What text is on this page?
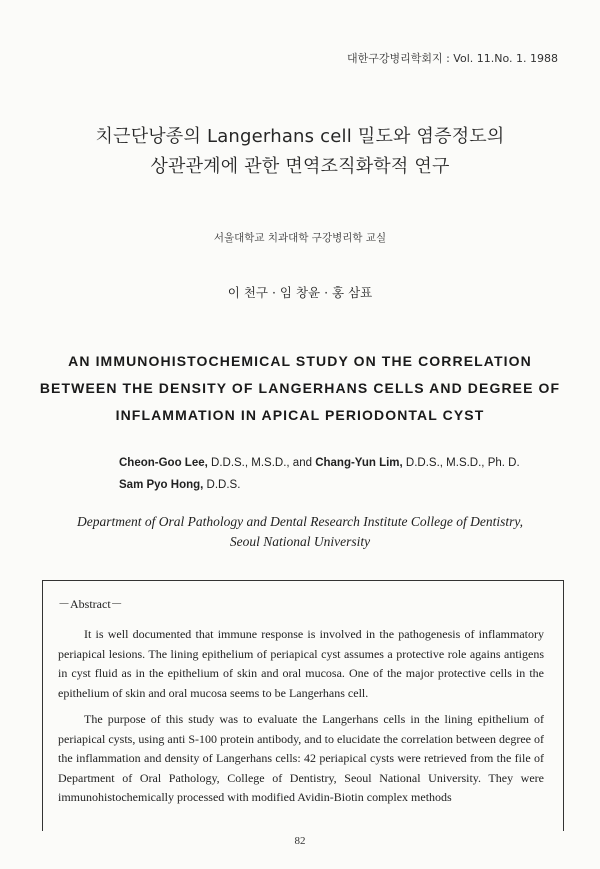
대한구강병리학회지 : Vol. 11.No. 1. 1988
치근단낭종의 Langerhans cell 밀도와 염증정도의
상관관계에 관한 면역조직화학적 연구
서울대학교 치과대학 구강병리학 교실
이 천구 · 임 창윤 · 홍 삼표
AN IMMUNOHISTOCHEMICAL STUDY ON THE CORRELATION
BETWEEN THE DENSITY OF LANGERHANS CELLS AND DEGREE OF
INFLAMMATION IN APICAL PERIODONTAL CYST
Cheon-Goo Lee, D.D.S., M.S.D., and Chang-Yun Lim, D.D.S., M.S.D., Ph. D.
Sam Pyo Hong, D.D.S.
Department of Oral Pathology and Dental Research Institute College of Dentistry,
Seoul National University
－Abstract－

It is well documented that immune response is involved in the pathogenesis of inflammatory periapical lesions. The lining epithelium of periapical cyst assumes a protective role agains antigens in cyst fluid as in the epithelium of skin and oral mucosa. One of the major protective cells in the epithelium of skin and oral mucosa seems to be Langerhans cell.

The purpose of this study was to evaluate the Langerhans cells in the lining epithelium of periapical cysts, using anti S-100 protein antibody, and to elucidate the correlation between degree of the inflammation and density of Langerhans cells: 42 periapical cysts were retrieved from the file of Department of Oral Pathology, College of Dentistry, Seoul National University. They were immunohistochemically processed with modified Avidin-Biotin complex methods

82
